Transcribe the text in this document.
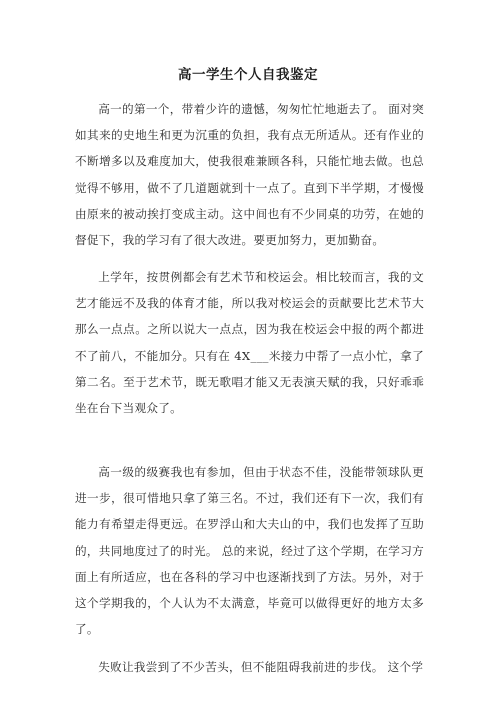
高一学生个人自我鉴定

高一的第一个，带着少许的遗憾，匆匆忙忙地逝去了。 面对突如其来的史地生和更为沉重的负担，我有点无所适从。还有作业的不断增多以及难度加大，使我很难兼顾各科，只能忙地去做。也总觉得不够用，做不了几道题就到十一点了。直到下半学期，才慢慢由原来的被动挨打变成主动。这中间也有不少同桌的功劳，在她的督促下，我的学习有了很大改进。要更加努力，更加勤奋。

上学年，按贯例都会有艺术节和校运会。相比较而言，我的文艺才能远不及我的体育才能，所以我对校运会的贡献要比艺术节大那么一点点。之所以说大一点点，因为我在校运会中报的两个都进不了前八，不能加分。只有在 4X___米接力中帮了一点小忙，拿了第二名。至于艺术节，既无歌唱才能又无表演天赋的我，只好乖乖坐在台下当观众了。

高一级的级赛我也有参加，但由于状态不佳，没能带领球队更进一步，很可惜地只拿了第三名。不过，我们还有下一次，我们有能力有希望走得更远。在罗浮山和大夫山的中，我们也发挥了互助的，共同地度过了的时光。 总的来说，经过了这个学期，在学习方面上有所适应，也在各科的学习中也逐渐找到了方法。另外，对于这个学期我的，个人认为不太满意，毕竟可以做得更好的地方太多了。

失败让我尝到了不少苦头，但不能阻碍我前进的步伐。 这个学
